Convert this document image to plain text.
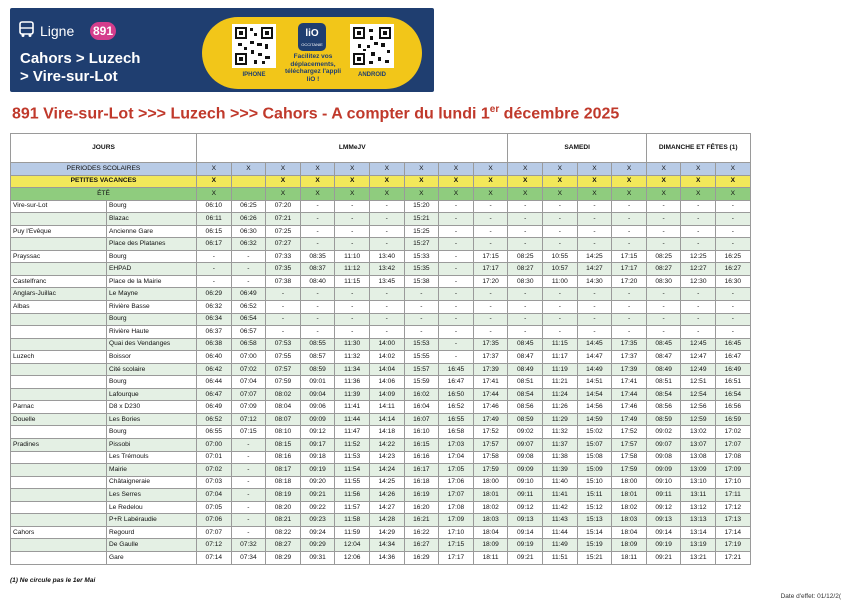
Ligne 891
Cahors > Luzech
> Vire-sur-Lot	IPHONE
liO
OCCITANIE
Facilitez vos déplacements, téléchargez l'appli liO !
ANDROID
891 Vire-sur-Lot >>> Luzech >>> Cahors - A compter du lundi 1er décembre 2025
JOURS		LMMeJV									SAMEDI				DIMANCHE ET FÊTES (1)		
PERIODES SCOLAIRES		X	X	X	X	X	X	X	X	X	X	X	X	X	X	X	X
PETITES VACANCES		X		X	X	X	X	X	X	X	X	X	X	X	X	X	X
ÉTÉ		X		X	X	X	X	X	X	X	X	X	X	X	X	X	X
Vire-sur-Lot	Bourg	06:10	06:25	07:20	-	-	-	15:20	-	-	-	-	-	-	-	-	-
	Blazac	06:11	06:26	07:21	-	-	-	15:21	-	-	-	-	-	-	-	-	-
Puy l'Evêque	Ancienne Gare	06:15	06:30	07:25	-	-	-	15:25	-	-	-	-	-	-	-	-	-
	Place des Platanes	06:17	06:32	07:27	-	-	-	15:27	-	-	-	-	-	-	-	-	-
Prayssac	Bourg	-	-	07:33	08:35	11:10	13:40	15:33	-	17:15	08:25	10:55	14:25	17:15	08:25	12:25	16:25
	EHPAD	-	-	07:35	08:37	11:12	13:42	15:35	-	17:17	08:27	10:57	14:27	17:17	08:27	12:27	16:27
Castelfranc	Place de la Mairie	-	-	07:38	08:40	11:15	13:45	15:38	-	17:20	08:30	11:00	14:30	17:20	08:30	12:30	16:30
Anglars-Juillac	Le Mayne	06:29	06:49	-	-	-	-	-	-	-	-	-	-	-	-	-	-
Albas	Rivière Basse	06:32	06:52	-	-	-	-	-	-	-	-	-	-	-	-	-	-
	Bourg	06:34	06:54	-	-	-	-	-	-	-	-	-	-	-	-	-	-
	Rivière Haute	06:37	06:57	-	-	-	-	-	-	-	-	-	-	-	-	-	-
	Quai des Vendanges	06:38	06:58	07:53	08:55	11:30	14:00	15:53	-	17:35	08:45	11:15	14:45	17:35	08:45	12:45	16:45
Luzech	Boissor	06:40	07:00	07:55	08:57	11:32	14:02	15:55	-	17:37	08:47	11:17	14:47	17:37	08:47	12:47	16:47
	Cité scolaire	06:42	07:02	07:57	08:59	11:34	14:04	15:57	16:45	17:39	08:49	11:19	14:49	17:39	08:49	12:49	16:49
	Bourg	06:44	07:04	07:59	09:01	11:36	14:06	15:59	16:47	17:41	08:51	11:21	14:51	17:41	08:51	12:51	16:51
	Lafourque	06:47	07:07	08:02	09:04	11:39	14:09	16:02	16:50	17:44	08:54	11:24	14:54	17:44	08:54	12:54	16:54
Parnac	D8 x D230	06:49	07:09	08:04	09:06	11:41	14:11	16:04	16:52	17:46	08:56	11:26	14:56	17:46	08:56	12:56	16:56
Douelle	Les Bories	06:52	07:12	08:07	09:09	11:44	14:14	16:07	16:55	17:49	08:59	11:29	14:59	17:49	08:59	12:59	16:59
	Bourg	06:55	07:15	08:10	09:12	11:47	14:18	16:10	16:58	17:52	09:02	11:32	15:02	17:52	09:02	13:02	17:02
Pradines	Pissobi	07:00	-	08:15	09:17	11:52	14:22	16:15	17:03	17:57	09:07	11:37	15:07	17:57	09:07	13:07	17:07
	Les Trémouls	07:01	-	08:16	09:18	11:53	14:23	16:16	17:04	17:58	09:08	11:38	15:08	17:58	09:08	13:08	17:08
	Mairie	07:02	-	08:17	09:19	11:54	14:24	16:17	17:05	17:59	09:09	11:39	15:09	17:59	09:09	13:09	17:09
	Châtaigneraie	07:03	-	08:18	09:20	11:55	14:25	16:18	17:06	18:00	09:10	11:40	15:10	18:00	09:10	13:10	17:10
	Les Serres	07:04	-	08:19	09:21	11:56	14:26	16:19	17:07	18:01	09:11	11:41	15:11	18:01	09:11	13:11	17:11
	Le Redelou	07:05	-	08:20	09:22	11:57	14:27	16:20	17:08	18:02	09:12	11:42	15:12	18:02	09:12	13:12	17:12
	P+R Labéraudie	07:06	-	08:21	09:23	11:58	14:28	16:21	17:09	18:03	09:13	11:43	15:13	18:03	09:13	13:13	17:13
Cahors	Regourd	07:07	-	08:22	09:24	11:59	14:29	16:22	17:10	18:04	09:14	11:44	15:14	18:04	09:14	13:14	17:14
	De Gaulle	07:12	07:32	08:27	09:29	12:04	14:34	16:27	17:15	18:09	09:19	11:49	15:19	18:09	09:19	13:19	17:19
	Gare	07:14	07:34	08:29	09:31	12:06	14:36	16:29	17:17	18:11	09:21	11:51	15:21	18:11	09:21	13:21	17:21
(1) Ne circule pas le 1er Mai
Date d'effet: 01/12/2(
